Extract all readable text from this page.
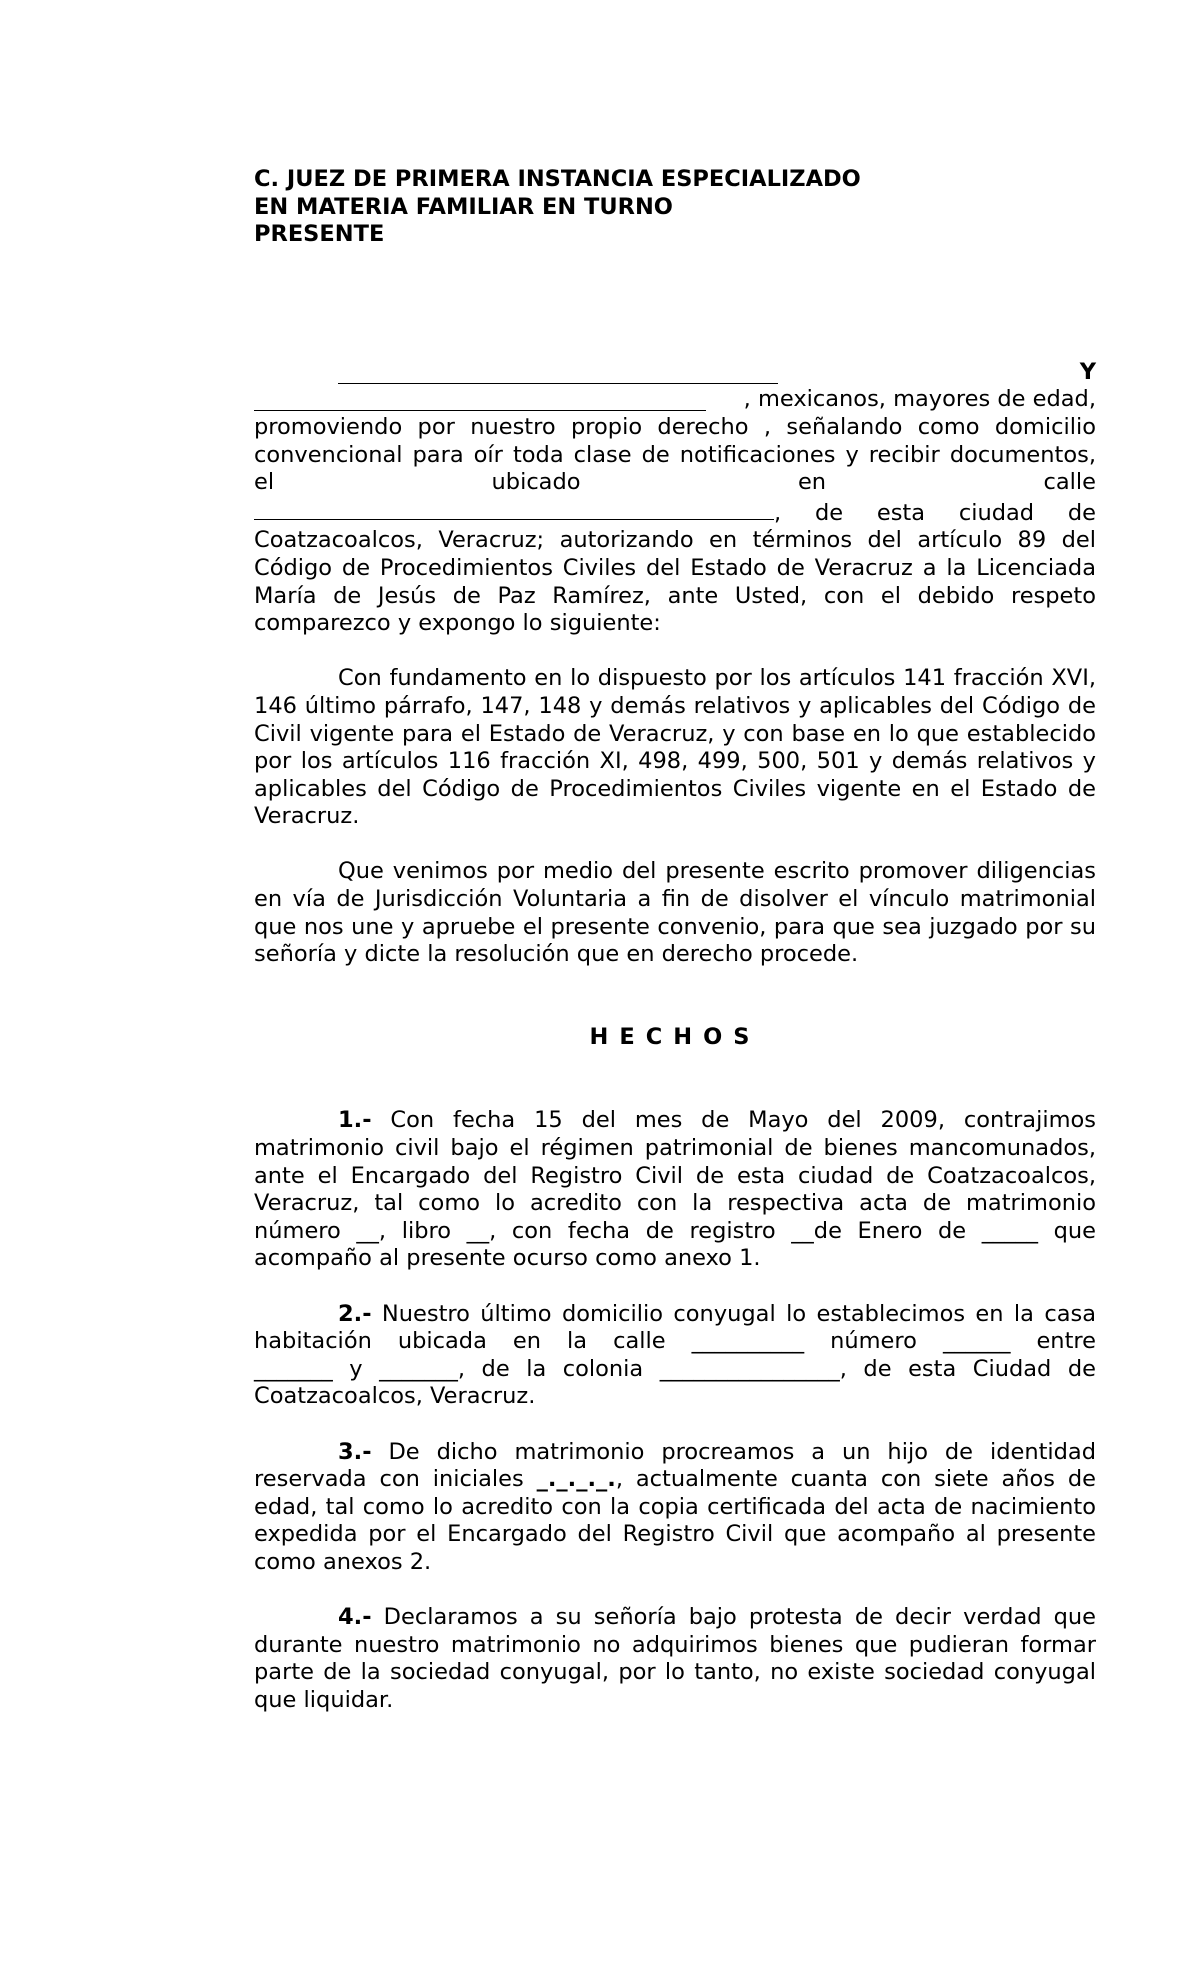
C. JUEZ DE PRIMERA INSTANCIA ESPECIALIZADO
EN MATERIA FAMILIAR EN TURNO
PRESENTE
Y
, mexicanos, mayores de edad,

promoviendo por nuestro propio derecho , señalando como domicilio convencional para oír toda clase de notificaciones y recibir documentos, el ubicado en calle

, de esta ciudad de Coatzacoalcos, Veracruz; autorizando en términos del artículo 89 del Código de Procedimientos Civiles del Estado de Veracruz a la Licenciada María de Jesús de Paz Ramírez, ante Usted, con el debido respeto comparezco y expongo lo siguiente:

Con fundamento en lo dispuesto por los artículos 141 fracción XVI, 146 último párrafo, 147, 148 y demás relativos y aplicables del Código de Civil vigente para el Estado de Veracruz, y con base en lo que establecido por los artículos 116 fracción XI, 498, 499, 500, 501 y demás relativos y aplicables del Código de Procedimientos Civiles vigente en el Estado de Veracruz.

Que venimos por medio del presente escrito promover diligencias en vía de Jurisdicción Voluntaria a fin de disolver el vínculo matrimonial que nos une y apruebe el presente convenio, para que sea juzgado por su señoría y dicte la resolución que en derecho procede.

HECHOS

1.- Con fecha 15 del mes de Mayo del 2009, contrajimos matrimonio civil bajo el régimen patrimonial de bienes mancomunados, ante el Encargado del Registro Civil de esta ciudad de Coatzacoalcos, Veracruz, tal como lo acredito con la respectiva acta de matrimonio número __, libro __, con fecha de registro __de Enero de _____ que acompaño al presente ocurso como anexo 1.

2.- Nuestro último domicilio conyugal lo establecimos en la casa habitación ubicada en la calle __________ número ______ entre

_______ y _______, de la colonia ________________, de esta Ciudad de Coatzacoalcos, Veracruz.

3.- De dicho matrimonio procreamos a un hijo de identidad reservada con iniciales _._._._., actualmente cuanta con siete años de edad, tal como lo acredito con la copia certificada del acta de nacimiento expedida por el Encargado del Registro Civil que acompaño al presente como anexos 2.

4.- Declaramos a su señoría bajo protesta de decir verdad que durante nuestro matrimonio no adquirimos bienes que pudieran formar parte de la sociedad conyugal, por lo tanto, no existe sociedad conyugal que liquidar.
